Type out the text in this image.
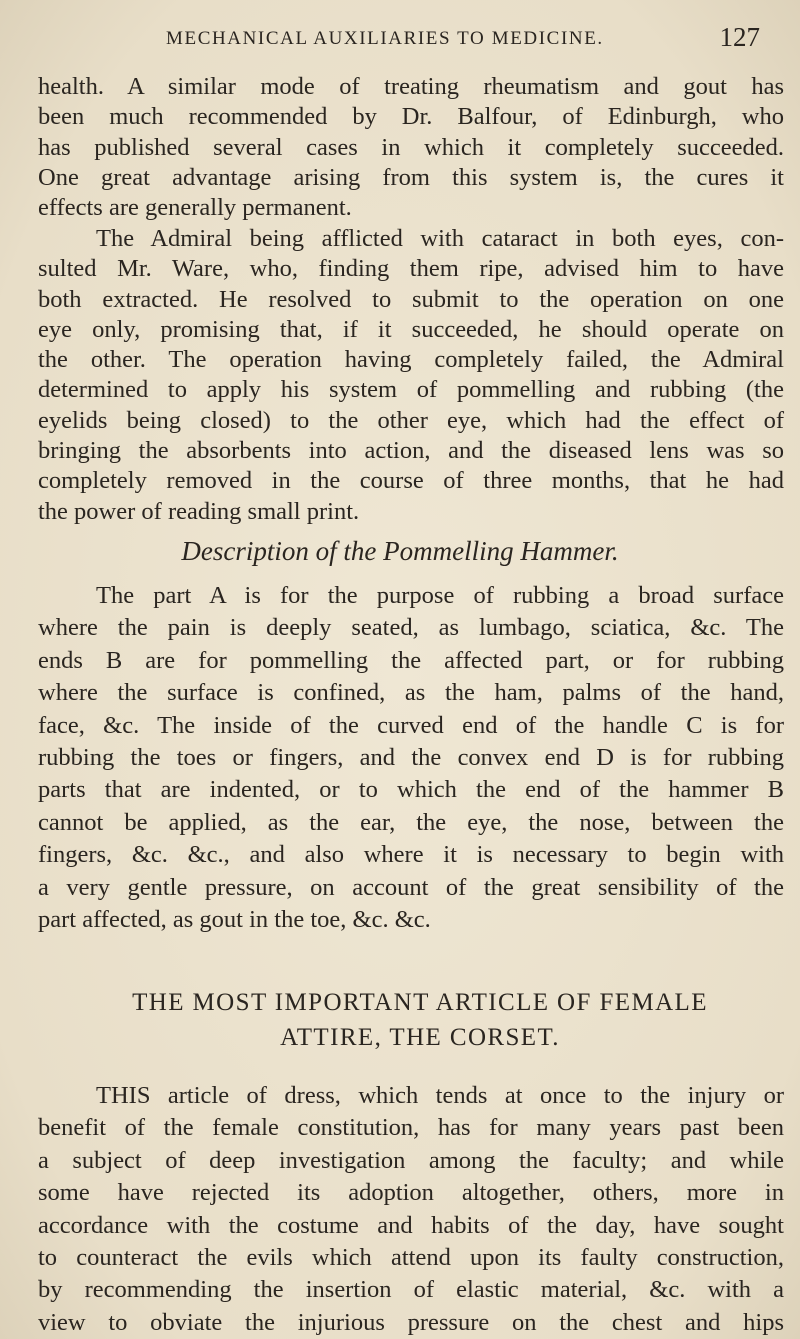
MECHANICAL AUXILIARIES TO MEDICINE.	127
health. A similar mode of treating rheumatism and gout has
been much recommended by Dr. Balfour, of Edinburgh, who
has published several cases in which it completely succeeded.
One great advantage arising from this system is, the cures it
effects are generally permanent.
The Admiral being afflicted with cataract in both eyes, con-
sulted Mr. Ware, who, finding them ripe, advised him to have
both extracted. He resolved to submit to the operation on one
eye only, promising that, if it succeeded, he should operate on
the other. The operation having completely failed, the Admiral
determined to apply his system of pommelling and rubbing (the
eyelids being closed) to the other eye, which had the effect of
bringing the absorbents into action, and the diseased lens was so
completely removed in the course of three months, that he had
the power of reading small print.
Description of the Pommelling Hammer.
The part A is for the purpose of rubbing a broad surface
where the pain is deeply seated, as lumbago, sciatica, &c. The
ends B are for pommelling the affected part, or for rubbing
where the surface is confined, as the ham, palms of the hand,
face, &c. The inside of the curved end of the handle C is for
rubbing the toes or fingers, and the convex end D is for rubbing
parts that are indented, or to which the end of the hammer B
cannot be applied, as the ear, the eye, the nose, between the
fingers, &c. &c., and also where it is necessary to begin with
a very gentle pressure, on account of the great sensibility of the
part affected, as gout in the toe, &c. &c.
THE MOST IMPORTANT ARTICLE OF FEMALE
ATTIRE, THE CORSET.
THIS article of dress, which tends at once to the injury or
benefit of the female constitution, has for many years past been
a subject of deep investigation among the faculty; and while
some have rejected its adoption altogether, others, more in
accordance with the costume and habits of the day, have sought
to counteract the evils which attend upon its faulty construction,
by recommending the insertion of elastic material, &c. with a
view to obviate the injurious pressure on the chest and hips
